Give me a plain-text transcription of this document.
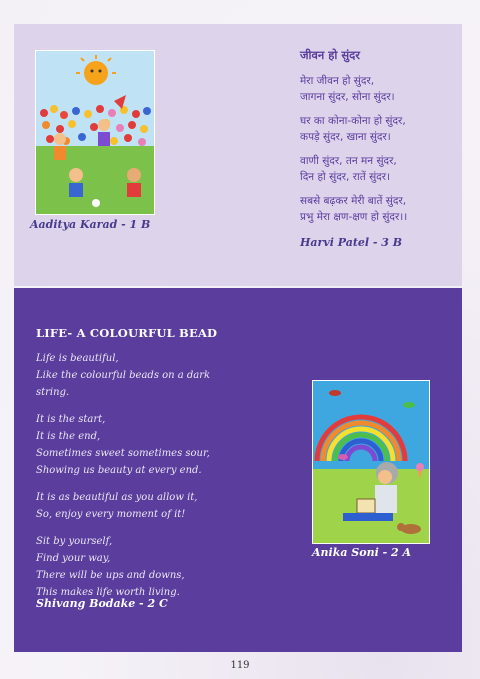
Aaditya Karad - 1 B
जीवन हो सुंदर
मेरा जीवन हो सुंदर,
जागना सुंदर, सोना सुंदर।
घर का कोना-कोना हो सुंदर,
कपड़े सुंदर, खाना सुंदर।
वाणी सुंदर, तन मन सुंदर,
दिन हो सुंदर, रातें सुंदर।
सबसे बढ़कर मेरी बातें सुंदर,
प्रभु मेरा क्षण-क्षण हो सुंदर।।
Harvi Patel - 3 B
LIFE- A COLOURFUL BEAD
Life is beautiful,
Like the colourful beads on a dark
string.
It is the start,
It is the end,
Sometimes sweet sometimes sour,
Showing us beauty at every end.
It is as beautiful as you allow it,
So, enjoy every moment of it!
Sit by yourself,
Find your way,
There will be ups and downs,
This makes life worth living.
Shivang Bodake - 2 C
Anika Soni - 2 A
119
